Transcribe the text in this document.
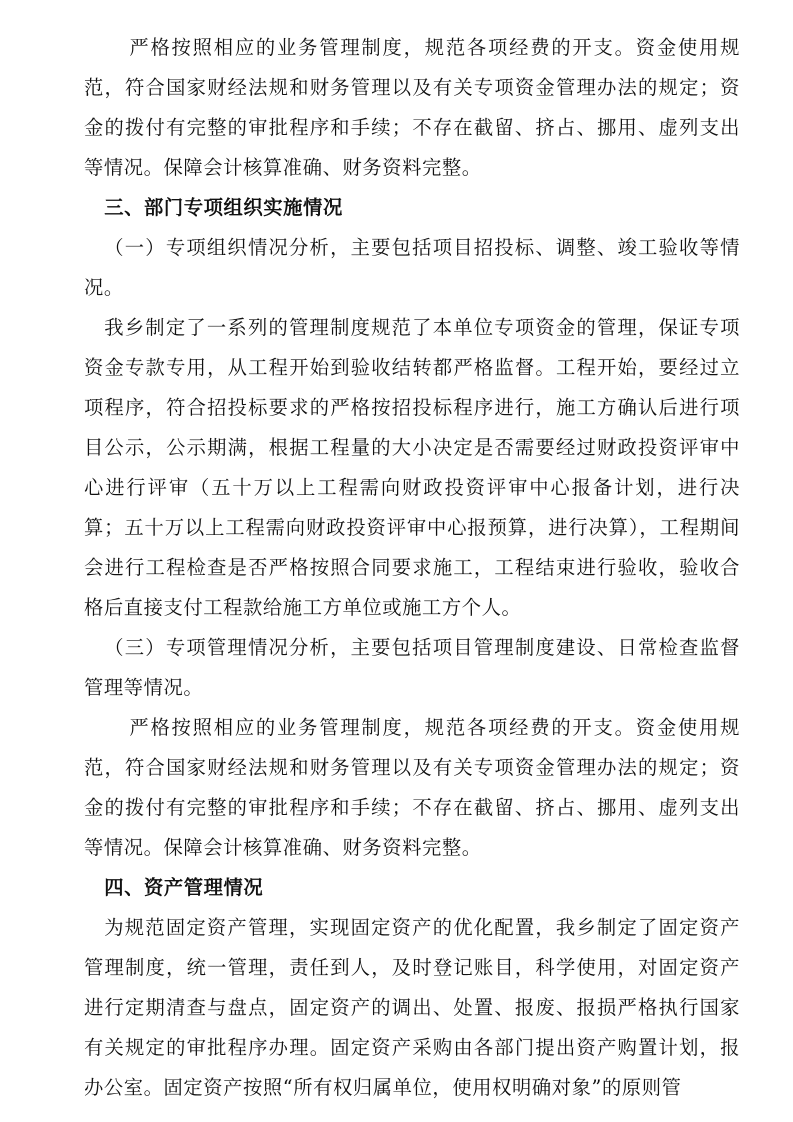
严格按照相应的业务管理制度，规范各项经费的开支。资金使用规范，符合国家财经法规和财务管理以及有关专项资金管理办法的规定；资金的拨付有完整的审批程序和手续；不存在截留、挤占、挪用、虚列支出等情况。保障会计核算准确、财务资料完整。

三、部门专项组织实施情况

（一）专项组织情况分析，主要包括项目招投标、调整、竣工验收等情况。

我乡制定了一系列的管理制度规范了本单位专项资金的管理，保证专项资金专款专用，从工程开始到验收结转都严格监督。工程开始，要经过立项程序，符合招投标要求的严格按招投标程序进行，施工方确认后进行项目公示，公示期满，根据工程量的大小决定是否需要经过财政投资评审中心进行评审（五十万以上工程需向财政投资评审中心报备计划，进行决算；五十万以上工程需向财政投资评审中心报预算，进行决算），工程期间会进行工程检查是否严格按照合同要求施工，工程结束进行验收，验收合格后直接支付工程款给施工方单位或施工方个人。

（三）专项管理情况分析，主要包括项目管理制度建设、日常检查监督管理等情况。

严格按照相应的业务管理制度，规范各项经费的开支。资金使用规范，符合国家财经法规和财务管理以及有关专项资金管理办法的规定；资金的拨付有完整的审批程序和手续；不存在截留、挤占、挪用、虚列支出等情况。保障会计核算准确、财务资料完整。

四、资产管理情况

为规范固定资产管理，实现固定资产的优化配置，我乡制定了固定资产管理制度，统一管理，责任到人，及时登记账目，科学使用，对固定资产进行定期清查与盘点，固定资产的调出、处置、报废、报损严格执行国家有关规定的审批程序办理。固定资产采购由各部门提出资产购置计划，报办公室。固定资产按照“所有权归属单位，使用权明确对象”的原则管
